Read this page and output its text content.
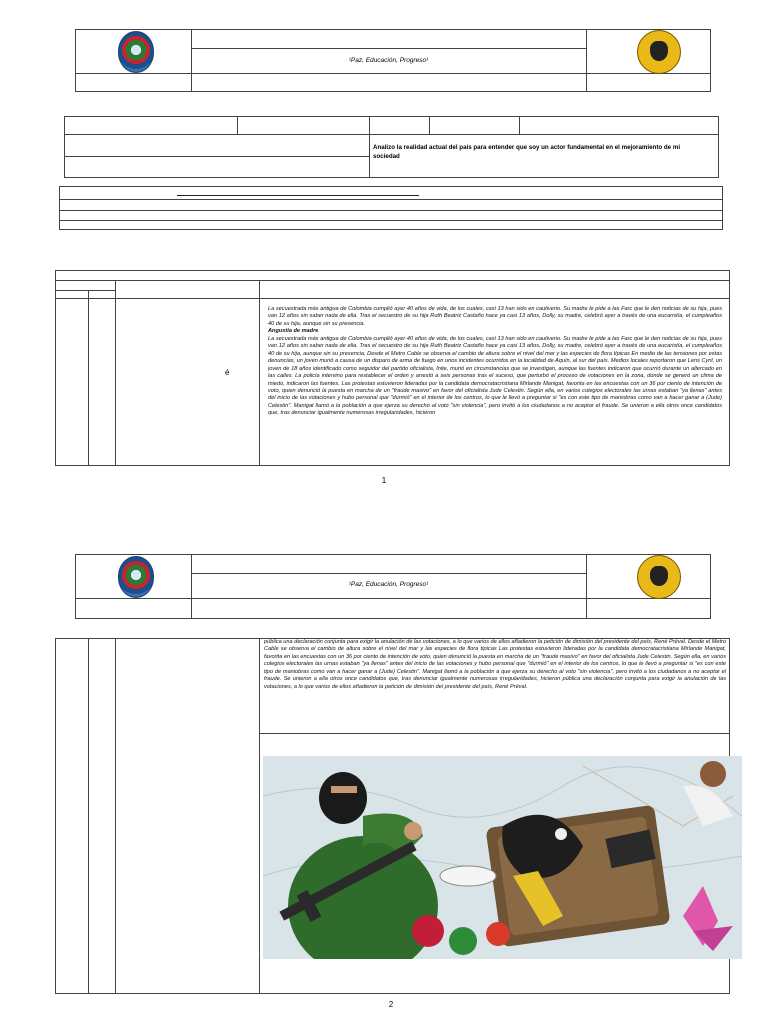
¹Paz, Educación, Progreso¹
Analizo la realidad actual del país para entender que soy un actor fundamental en el mejoramiento de mi sociedad
é
La secuestrada más antigua de Colombia cumplió ayer 40 años de vida, de los cuales, casi 13 han sido en cautiverio. Su madre le pide a las Farc que le den noticias de su hija, pues van 12 años sin saber nada de ella. Tras el secuestro de su hija Ruth Beatriz Castaño hace ya casi 13 años, Dolly, su madre, celebró ayer a través de una eucaristía, el cumpleaños 40 de su hija, aunque sin su presencia.
Angustia de madre
La secuestrada más antigua de Colombia cumplió ayer 40 años de vida, de los cuales, casi 13 han sido en cautiverio. Su madre le pide a las Farc que le den noticias de su hija, pues van 12 años sin saber nada de ella. Tras el secuestro de su hija Ruth Beatriz Castaño hace ya casi 13 años, Dolly, su madre, celebró ayer a través de una eucaristía, el cumpleaños 40 de su hija, aunque sin su presencia. Desde el Metro Cable se observa el cambio de altura sobre el nivel del mar y las especies de flora típicas En medio de las tensiones por estas denuncias, un joven murió a causa de un disparo de arma de fuego en unos incidentes ocurridos en la localidad de Aquín, al sur del país. Medios locales reportaron que Lens Cyril, un joven de 18 años identificado como seguidor del partido oficialista, Inite, murió en circunstancias que se investigan, aunque las fuentes indicaron que ocurrió durante un altercado en las calles. La policía intervino para restablecer el orden y arrestó a seis personas tras el suceso, que perturbó el proceso de votaciones en la zona, donde se generó un clima de miedo, indicaron las fuentes. Las protestas estuvieron lideradas por la candidata democratacristiana Mirlande Manigat, favorita en las encuestas con un 36 por ciento de intención de voto, quien denunció la puesta en marcha de un "fraude masivo" en favor del oficialista Jude Celestin. Según ella, en varios colegios electorales las urnas estaban "ya llenas" antes del inicio de las votaciones y hubo personal que "durmió" en el interior de los centros, lo que le llevó a preguntar si "es con este tipo de maniobras como van a hacer ganar a (Jude) Celestin". Manigat llamó a la población a que ejerza su derecho al voto "sin violencia", pero invitó a los ciudadanos a no aceptar el fraude. Se unieron a ella otros once candidatos que, tras denunciar igualmente numerosas irregularidades, hicieron
1
¹Paz, Educación, Progreso¹
pública una declaración conjunta para exigir la anulación de las votaciones, a lo que varios de ellos añadieron la petición de dimisión del presidente del país, René Préval. Desde el Metro Cable se observa el cambio de altura sobre el nivel del mar y las especies de flora típicas Las protestas estuvieron lideradas por la candidata democratacristiana Mirlande Manigat, favorita en las encuestas con un 36 por ciento de intención de voto, quien denunció la puesta en marcha de un "fraude masivo" en favor del oficialista Jude Celestin. Según ella, en varios colegios electorales las urnas estaban "ya llenas" antes del inicio de las votaciones y hubo personal que "durmió" en el interior de los centros, lo que le llevó a preguntar si "es con este tipo de maniobras como van a hacer ganar a (Jude) Celestin". Manigat llamó a la población a que ejerza su derecho al voto "sin violencia", pero invitó a los ciudadanos a no aceptar el fraude. Se unieron a ella otros once candidatos que, tras denunciar igualmente numerosas irregularidades, hicieron pública una declaración conjunta para exigir la anulación de las votaciones, a lo que varios de ellos añadieron la petición de dimisión del presidente del país, René Préval.
2
